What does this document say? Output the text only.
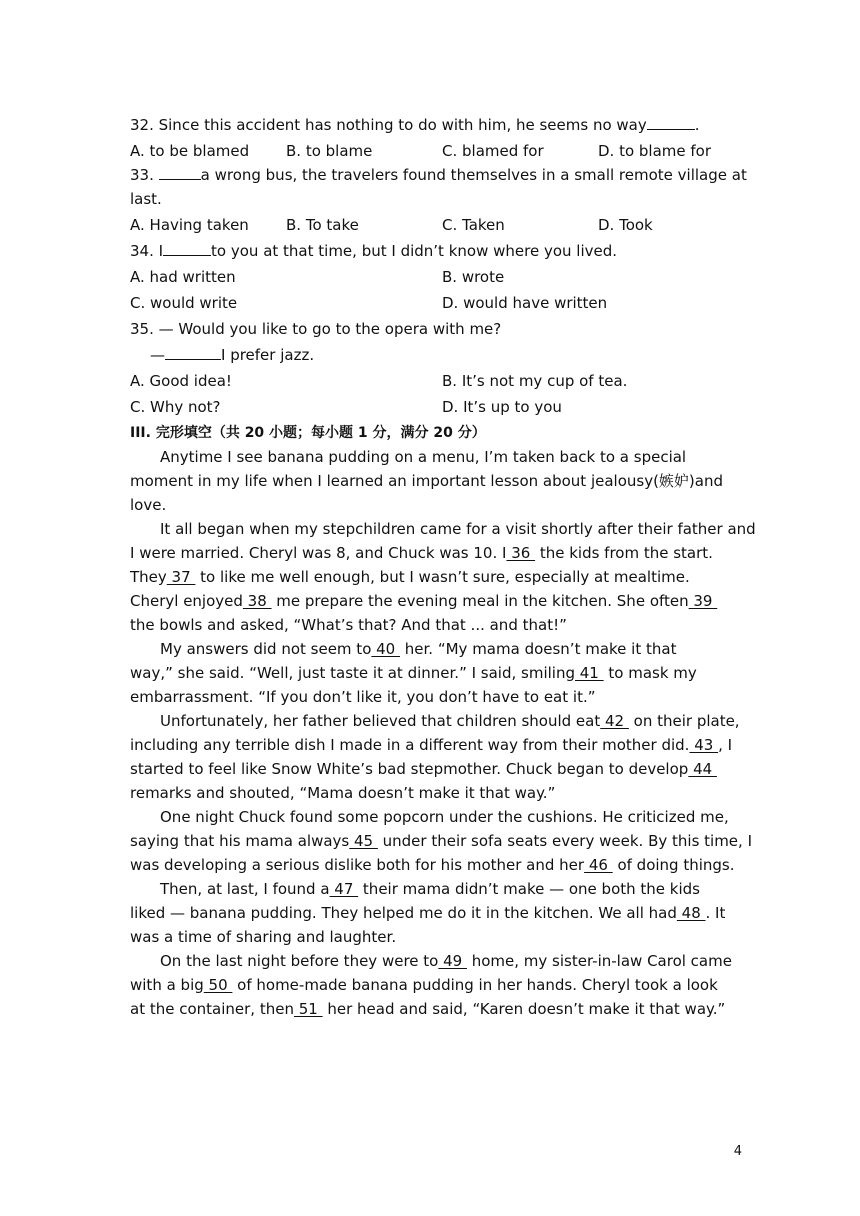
32. Since this accident has nothing to do with him, he seems no way	.
A. to be blamed B. to blame	C. blamed for	D. to blame for
33.	a wrong bus, the travelers found themselves in a small remote village at
last.
A. Having taken B. To take	C. Taken	D. Took
34. I	to you at that time, but I didn’t know where you lived.
A. had written	B. wrote
C. would write	D. would have written
35. — Would you like to go to the opera with me?
—	I prefer jazz.
A. Good idea!	B. It’s not my cup of tea.
C. Why not?	D. It’s up to you
III. 完形填空（共 20 小题；每小题 1 分，满分 20 分）
Anytime I see banana pudding on a menu, I’m taken back to a special
moment in my life when I learned an important lesson about jealousy(嫉妒)and
love.
It all began when my stepchildren came for a visit shortly after their father and
I were married. Cheryl was 8, and Chuck was 10. I 36  the kids from the start.
They 37  to like me well enough, but I wasn’t sure, especially at mealtime.
Cheryl enjoyed 38  me prepare the evening meal in the kitchen. She often 39
the bowls and asked, “What’s that? And that ... and that!”
My answers did not seem to 40  her. “My mama doesn’t make it that
way,” she said. “Well, just taste it at dinner.” I said, smiling 41  to mask my
embarrassment. “If you don’t like it, you don’t have to eat it.”
Unfortunately, her father believed that children should eat 42  on their plate,
including any terrible dish I made in a different way from their mother did. 43 , I
started to feel like Snow White’s bad stepmother. Chuck began to develop 44
remarks and shouted, “Mama doesn’t make it that way.”
One night Chuck found some popcorn under the cushions. He criticized me,
saying that his mama always 45  under their sofa seats every week. By this time, I
was developing a serious dislike both for his mother and her 46  of doing things.
Then, at last, I found a 47  their mama didn’t make — one both the kids
liked — banana pudding. They helped me do it in the kitchen. We all had 48 . It
was a time of sharing and laughter.
On the last night before they were to 49  home, my sister-in-law Carol came
with a big 50  of home-made banana pudding in her hands. Cheryl took a look
at the container, then 51  her head and said, “Karen doesn’t make it that way.”
4
